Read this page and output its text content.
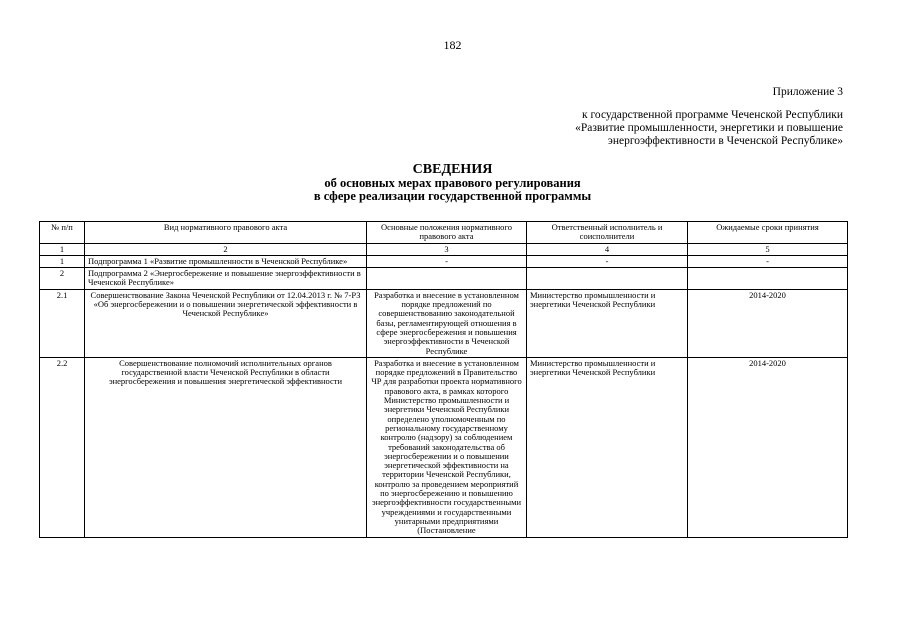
182
Приложение 3
к государственной программе Чеченской Республики
«Развитие промышленности, энергетики и повышение
энергоэффективности в Чеченской Республике»
СВЕДЕНИЯ
об основных мерах правового регулирования
в сфере реализации государственной программы
№ п/п	Вид нормативного правового акта	Основные положения нормативного правового акта	Ответственный исполнитель и соисполнители	Ожидаемые сроки принятия
1	2	3	4	5
1	Подпрограмма 1 «Развитие промышленности в Чеченской Республике»	-	-	-
2	Подпрограмма 2 «Энергосбережение и повышение энергоэффективности в Чеченской Республике»			
2.1	Совершенствование Закона Чеченской Республики от 12.04.2013 г. № 7-РЗ «Об энергосбережении и о повышении энергетической эффективности в Чеченской Республике»	Разработка и внесение в установленном порядке предложений по совершенствованию законодательной базы, регламентирующей отношения в сфере энергосбережения и повышения энергоэффективности в Чеченской Республике	Министерство промышленности и энергетики Чеченской Республики	2014-2020
2.2	Совершенствование полномочий исполнительных органов государственной власти Чеченской Республики в области энергосбережения и повышения энергетической эффективности	Разработка и внесение в установленном порядке предложений в Правительство ЧР для разработки проекта нормативного правового акта, в рамках которого Министерство промышленности и энергетики Чеченской Республики определено уполномоченным по региональному государственному контролю (надзору) за соблюдением требований законодательства об энергосбережении и о повышении энергетической эффективности на территории Чеченской Республики, контролю за проведением мероприятий по энергосбережению и повышению энергоэффективности государственными учреждениями и государственными унитарными предприятиями (Постановление	Министерство промышленности и энергетики Чеченской Республики	2014-2020
